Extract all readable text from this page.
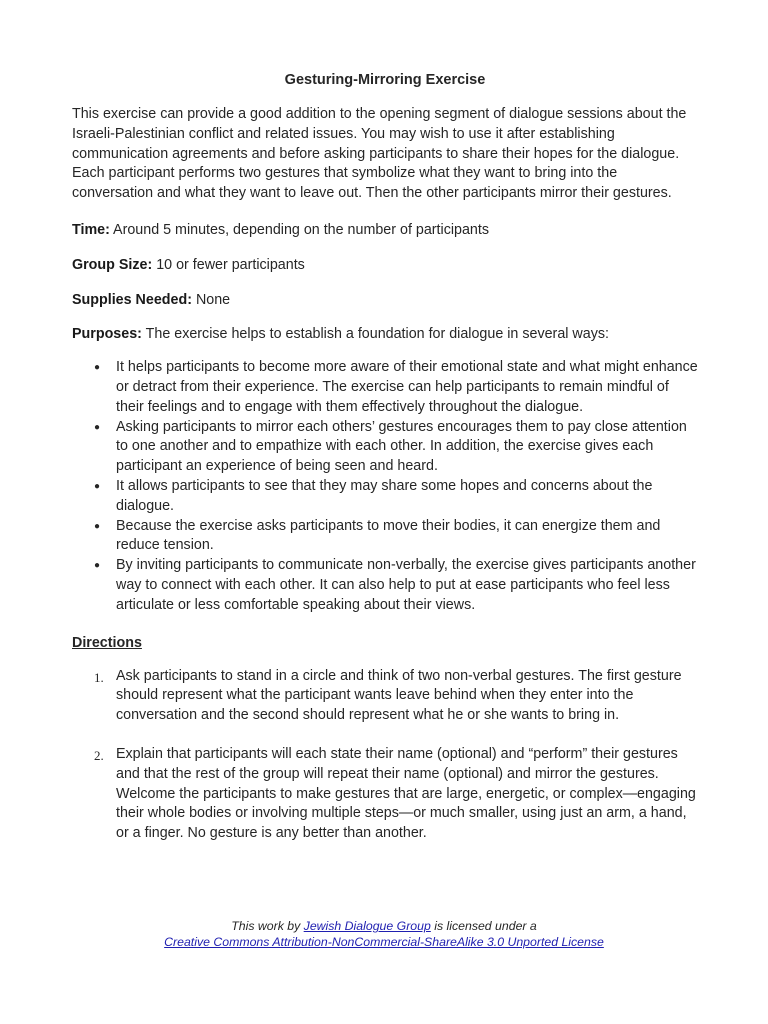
Gesturing-Mirroring Exercise

This exercise can provide a good addition to the opening segment of dialogue sessions about the Israeli-Palestinian conflict and related issues. You may wish to use it after establishing communication agreements and before asking participants to share their hopes for the dialogue. Each participant performs two gestures that symbolize what they want to bring into the conversation and what they want to leave out. Then the other participants mirror their gestures.

Time: Around 5 minutes, depending on the number of participants

Group Size: 10 or fewer participants

Supplies Needed: None

Purposes: The exercise helps to establish a foundation for dialogue in several ways:

● It helps participants to become more aware of their emotional state and what might enhance or detract from their experience. The exercise can help participants to remain mindful of their feelings and to engage with them effectively throughout the dialogue.
● Asking participants to mirror each others’ gestures encourages them to pay close attention to one another and to empathize with each other. In addition, the exercise gives each participant an experience of being seen and heard.
● It allows participants to see that they may share some hopes and concerns about the dialogue.
● Because the exercise asks participants to move their bodies, it can energize them and reduce tension.
● By inviting participants to communicate non-verbally, the exercise gives participants another way to connect with each other. It can also help to put at ease participants who feel less articulate or less comfortable speaking about their views.
Directions
1. Ask participants to stand in a circle and think of two non-verbal gestures. The first gesture should represent what the participant wants leave behind when they enter into the conversation and the second should represent what he or she wants to bring in.
2. Explain that participants will each state their name (optional) and “perform” their gestures and that the rest of the group will repeat their name (optional) and mirror the gestures. Welcome the participants to make gestures that are large, energetic, or complex—engaging their whole bodies or involving multiple steps—or much smaller, using just an arm, a hand, or a finger. No gesture is any better than another.
This work by Jewish Dialogue Group is licensed under a
Creative Commons Attribution-NonCommercial-ShareAlike 3.0 Unported License
